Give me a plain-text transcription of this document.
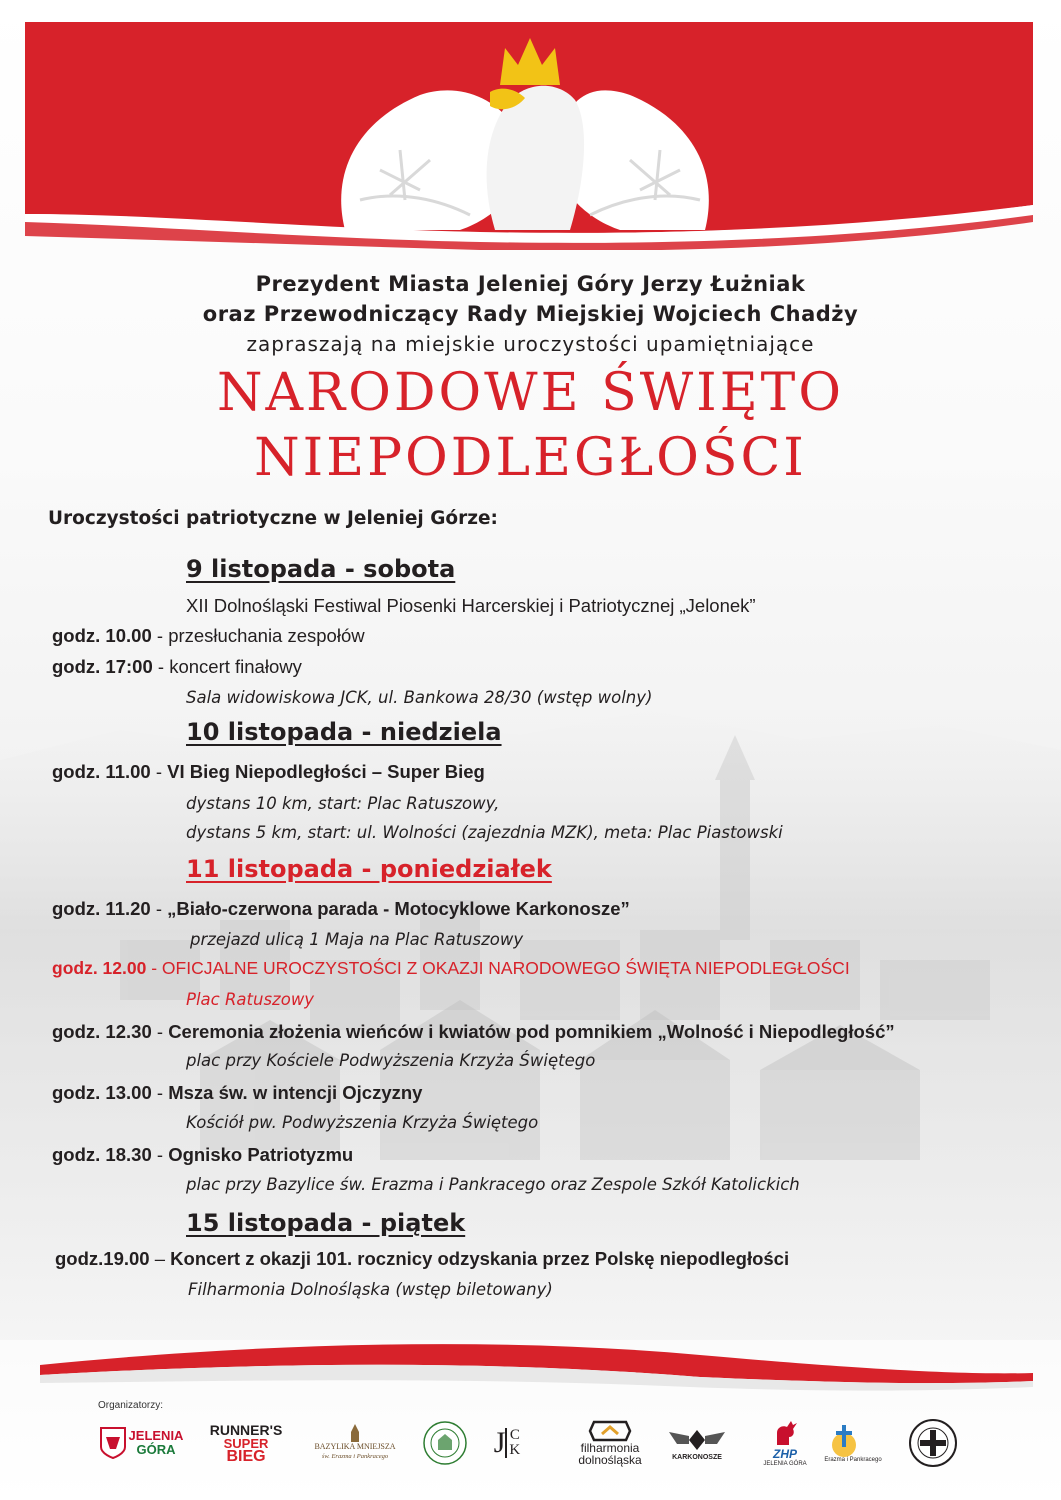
Prezydent Miasta Jeleniej Góry Jerzy Łużniak
oraz Przewodniczący Rady Miejskiej Wojciech Chadży
zapraszają na miejskie uroczystości upamiętniające
NARODOWE ŚWIĘTO
NIEPODLEGŁOŚCI
Uroczystości patriotyczne w Jeleniej Górze:
9 listopada - sobota
XII Dolnośląski Festiwal Piosenki Harcerskiej i Patriotycznej „Jelonek”
godz. 10.00 - przesłuchania zespołów
godz. 17:00 - koncert finałowy
Sala widowiskowa JCK, ul. Bankowa 28/30 (wstęp wolny)
10 listopada - niedziela
godz. 11.00 - VI Bieg Niepodległości – Super Bieg
dystans 10 km, start: Plac Ratuszowy,
dystans 5 km, start: ul. Wolności (zajezdnia MZK), meta: Plac Piastowski
11 listopada - poniedziałek
godz. 11.20 - „Biało-czerwona parada - Motocyklowe Karkonosze”
przejazd ulicą 1 Maja na Plac Ratuszowy
godz. 12.00 - OFICJALNE UROCZYSTOŚCI Z OKAZJI NARODOWEGO ŚWIĘTA NIEPODLEGŁOŚCI
Plac Ratuszowy
godz. 12.30 - Ceremonia złożenia wieńców i kwiatów pod pomnikiem „Wolność i Niepodległość”
plac przy Kościele Podwyższenia Krzyża Świętego
godz. 13.00 - Msza św. w intencji Ojczyzny
Kościół pw. Podwyższenia Krzyża Świętego
godz. 18.30 - Ognisko Patriotyzmu
plac przy Bazylice św. Erazma i Pankracego oraz Zespole Szkół Katolickich
15 listopada - piątek
godz.19.00 – Koncert z okazji 101. rocznicy odzyskania przez Polskę niepodległości
Filharmonia Dolnośląska (wstęp biletowany)
Organizatorzy:
JELENIA
GÓRA
RUNNER'S
SUPER
BIEG
BAZYLIKA MNIEJSZA
św. Erazma i Pankracego	J C
K	filharmonia
dolnośląska	KARKONOSZE	ZHP
JELENIA GÓRA
Erazma i Pankracego
